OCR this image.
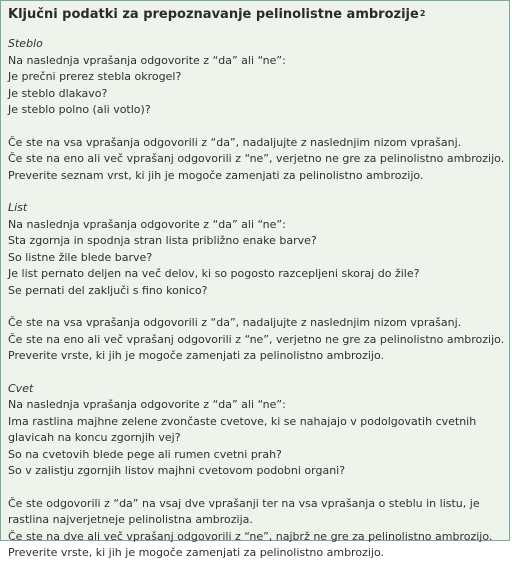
Ključni podatki za prepoznavanje pelinolistne ambrozije$^2$
Steblo
Na naslednja vprašanja odgovorite z “da” ali “ne”:
Je prečni prerez stebla okrogel?
Je steblo dlakavo?
Je steblo polno (ali votlo)?
Če ste na vsa vprašanja odgovorili z “da”, nadaljujte z naslednjim nizom vprašanj.
Če ste na eno ali več vprašanj odgovorili z “ne”, verjetno ne gre za pelinolistno ambrozijo.
Preverite seznam vrst, ki jih je mogoče zamenjati za pelinolistno ambrozijo.
List
Na naslednja vprašanja odgovorite z “da” ali “ne”:
Sta zgornja in spodnja stran lista približno enake barve?
So listne žile blede barve?
Je list pernato deljen na več delov, ki so pogosto razcepljeni skoraj do žile?
Se pernati del zaključi s fino konico?
Če ste na vsa vprašanja odgovorili z “da”, nadaljujte z naslednjim nizom vprašanj.
Če ste na eno ali več vprašanj odgovorili z “ne”, verjetno ne gre za pelinolistno ambrozijo.
Preverite vrste, ki jih je mogoče zamenjati za pelinolistno ambrozijo.
Cvet
Na naslednja vprašanja odgovorite z “da” ali “ne”:
Ima rastlina majhne zelene zvončaste cvetove, ki se nahajajo v podolgovatih cvetnih glavicah na koncu zgornjih vej?
So na cvetovih blede pege ali rumen cvetni prah?
So v zalistju zgornjih listov majhni cvetovom podobni organi?
Če ste odgovorili z “da” na vsaj dve vprašanji ter na vsa vprašanja o steblu in listu, je rastlina najverjetneje pelinolistna ambrozija.
Če ste na dve ali več vprašanj odgovorili z “ne”, najbrž ne gre za pelinolistno ambrozijo. Preverite vrste, ki jih je mogoče zamenjati za pelinolistno ambrozijo.
